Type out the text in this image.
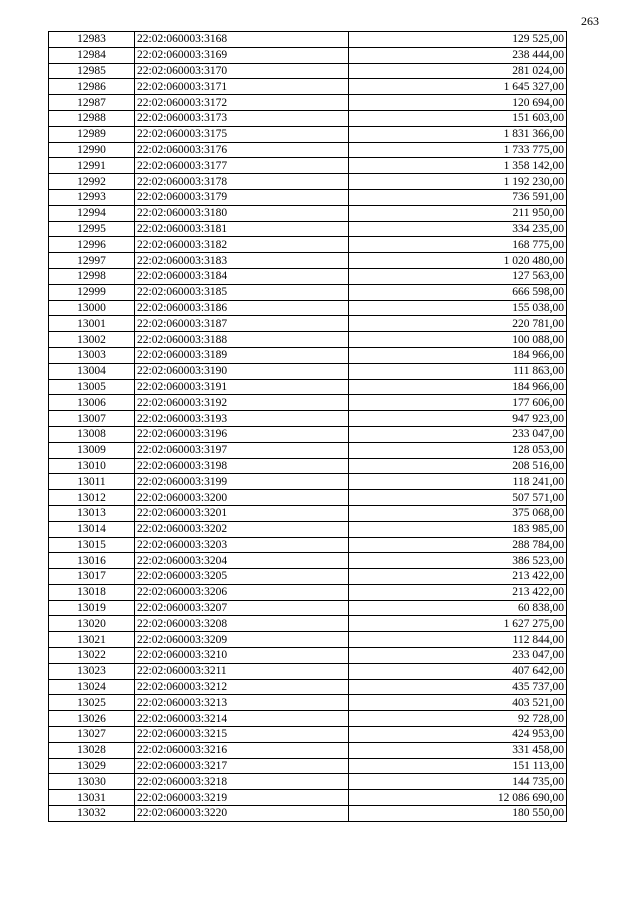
263
12983	22:02:060003:3168	129 525,00
12984	22:02:060003:3169	238 444,00
12985	22:02:060003:3170	281 024,00
12986	22:02:060003:3171	1 645 327,00
12987	22:02:060003:3172	120 694,00
12988	22:02:060003:3173	151 603,00
12989	22:02:060003:3175	1 831 366,00
12990	22:02:060003:3176	1 733 775,00
12991	22:02:060003:3177	1 358 142,00
12992	22:02:060003:3178	1 192 230,00
12993	22:02:060003:3179	736 591,00
12994	22:02:060003:3180	211 950,00
12995	22:02:060003:3181	334 235,00
12996	22:02:060003:3182	168 775,00
12997	22:02:060003:3183	1 020 480,00
12998	22:02:060003:3184	127 563,00
12999	22:02:060003:3185	666 598,00
13000	22:02:060003:3186	155 038,00
13001	22:02:060003:3187	220 781,00
13002	22:02:060003:3188	100 088,00
13003	22:02:060003:3189	184 966,00
13004	22:02:060003:3190	111 863,00
13005	22:02:060003:3191	184 966,00
13006	22:02:060003:3192	177 606,00
13007	22:02:060003:3193	947 923,00
13008	22:02:060003:3196	233 047,00
13009	22:02:060003:3197	128 053,00
13010	22:02:060003:3198	208 516,00
13011	22:02:060003:3199	118 241,00
13012	22:02:060003:3200	507 571,00
13013	22:02:060003:3201	375 068,00
13014	22:02:060003:3202	183 985,00
13015	22:02:060003:3203	288 784,00
13016	22:02:060003:3204	386 523,00
13017	22:02:060003:3205	213 422,00
13018	22:02:060003:3206	213 422,00
13019	22:02:060003:3207	60 838,00
13020	22:02:060003:3208	1 627 275,00
13021	22:02:060003:3209	112 844,00
13022	22:02:060003:3210	233 047,00
13023	22:02:060003:3211	407 642,00
13024	22:02:060003:3212	435 737,00
13025	22:02:060003:3213	403 521,00
13026	22:02:060003:3214	92 728,00
13027	22:02:060003:3215	424 953,00
13028	22:02:060003:3216	331 458,00
13029	22:02:060003:3217	151 113,00
13030	22:02:060003:3218	144 735,00
13031	22:02:060003:3219	12 086 690,00
13032	22:02:060003:3220	180 550,00
